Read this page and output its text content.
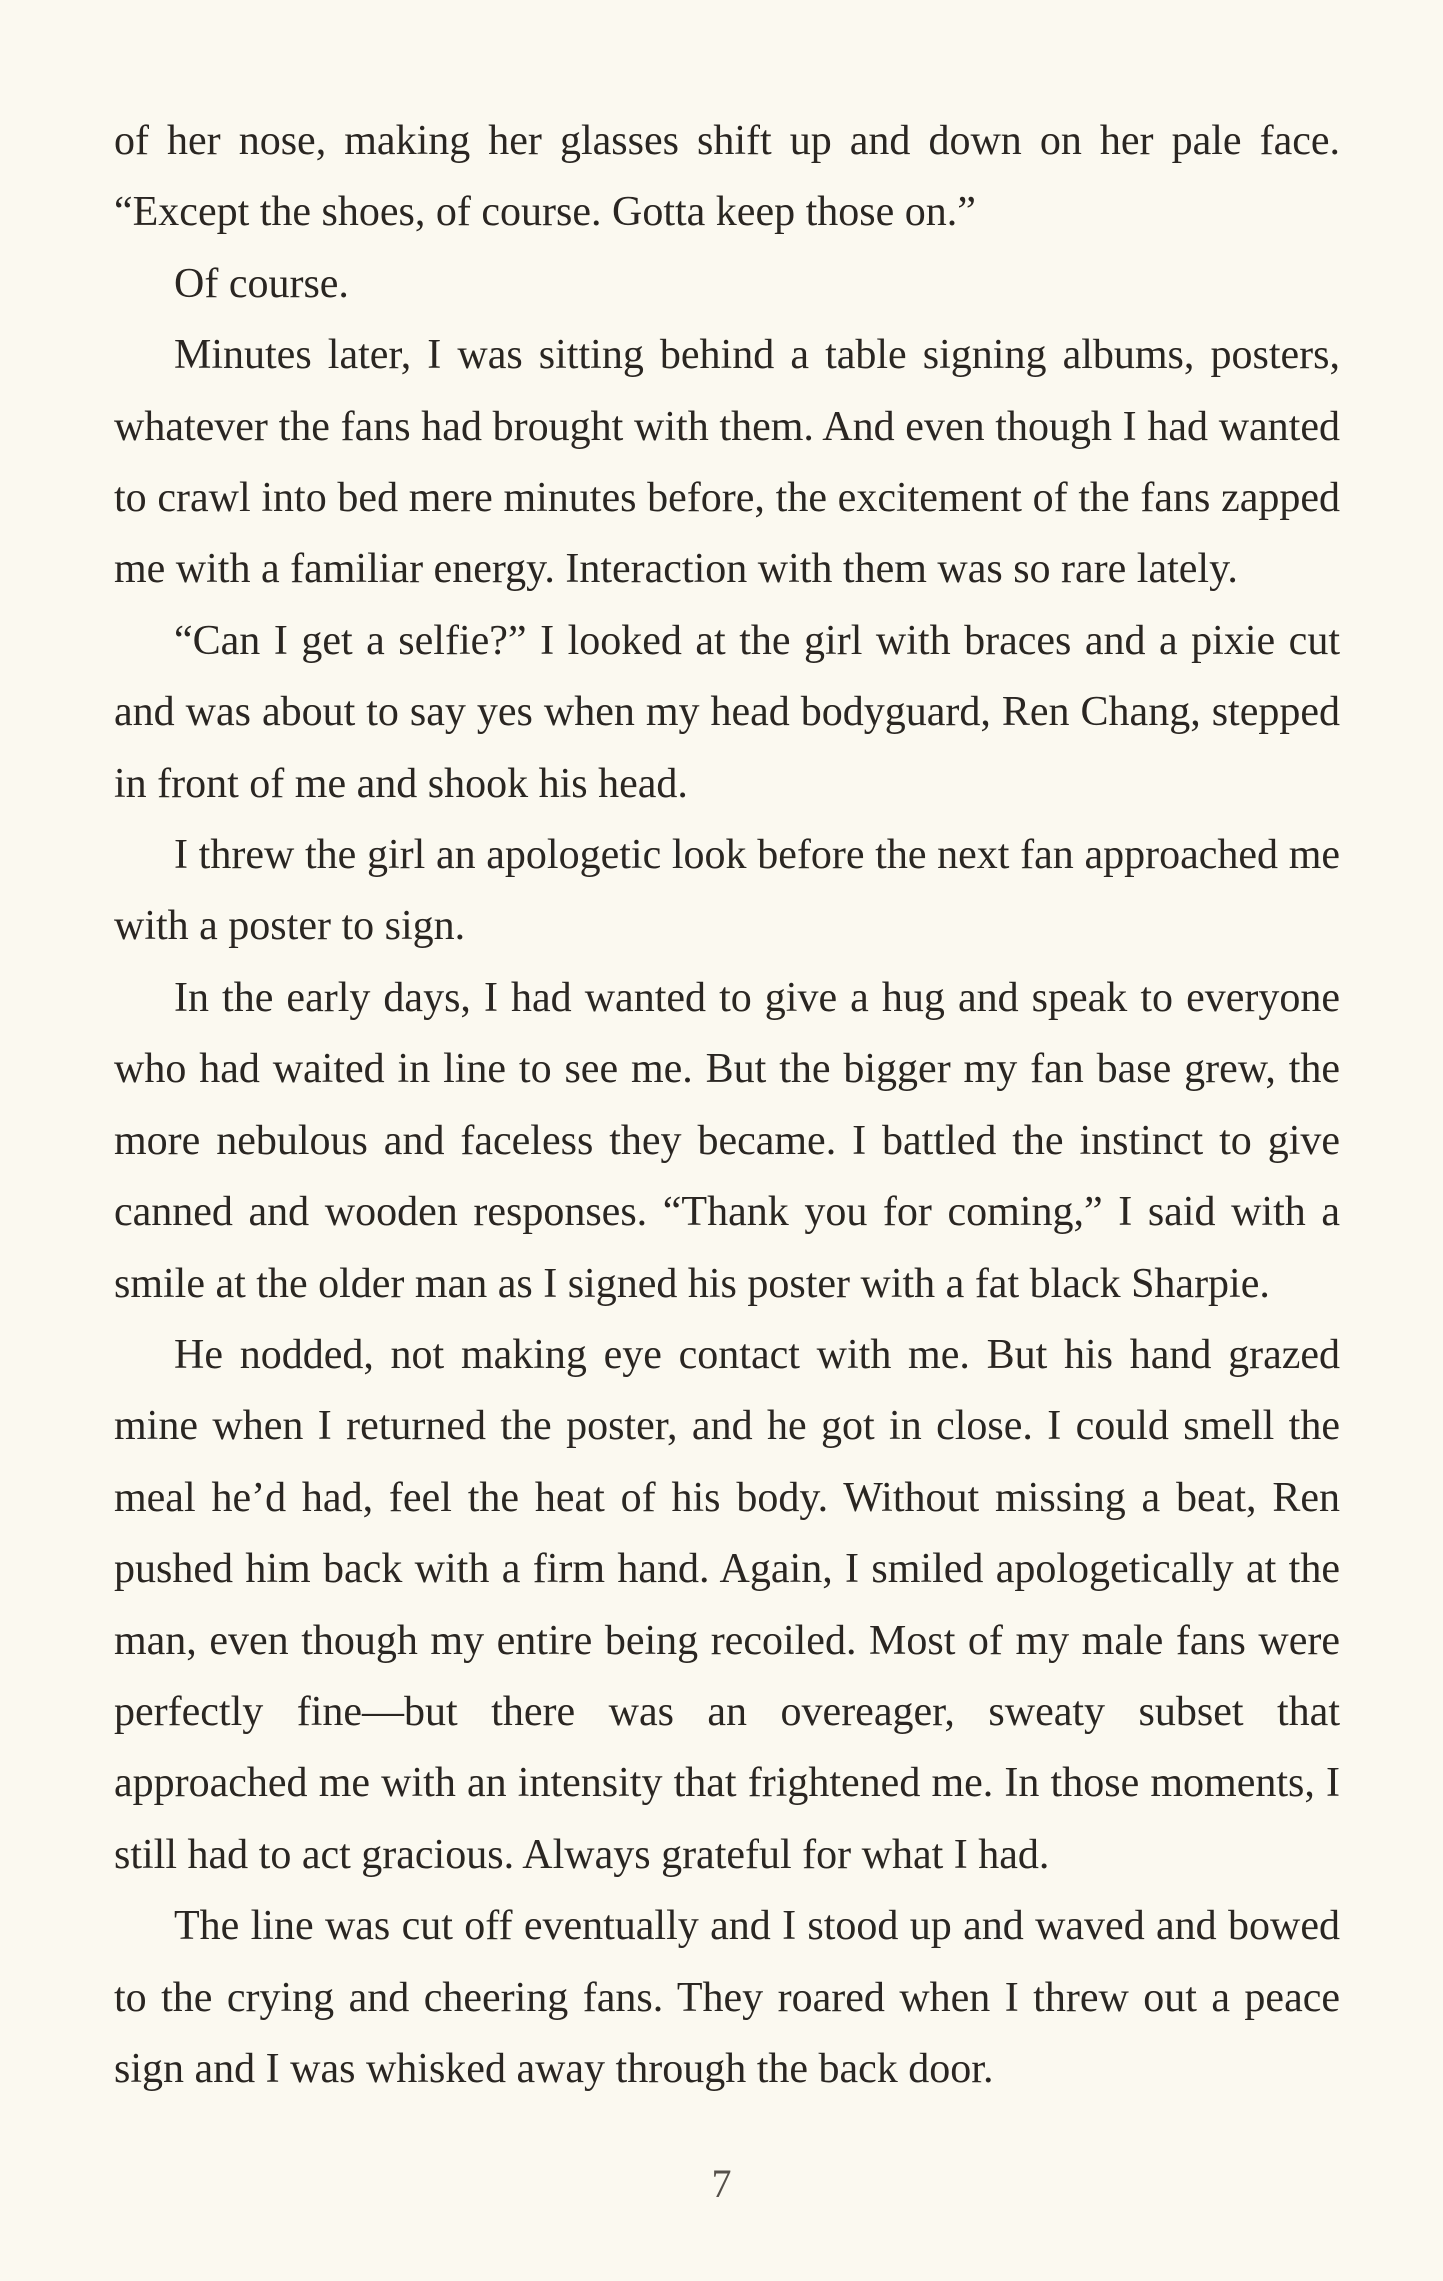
of her nose, making her glasses shift up and down on her pale face. “Except the shoes, of course. Gotta keep those on.”

Of course.

Minutes later, I was sitting behind a table signing albums, posters, whatever the fans had brought with them. And even though I had wanted to crawl into bed mere minutes before, the excitement of the fans zapped me with a familiar energy. Interaction with them was so rare lately.

“Can I get a selfie?” I looked at the girl with braces and a pixie cut and was about to say yes when my head bodyguard, Ren Chang, stepped in front of me and shook his head.

I threw the girl an apologetic look before the next fan approached me with a poster to sign.

In the early days, I had wanted to give a hug and speak to everyone who had waited in line to see me. But the bigger my fan base grew, the more nebulous and faceless they became. I battled the instinct to give canned and wooden responses. “Thank you for coming,” I said with a smile at the older man as I signed his poster with a fat black Sharpie.

He nodded, not making eye contact with me. But his hand grazed mine when I returned the poster, and he got in close. I could smell the meal he’d had, feel the heat of his body. Without missing a beat, Ren pushed him back with a firm hand. Again, I smiled apologetically at the man, even though my entire being recoiled. Most of my male fans were perfectly fine—but there was an overeager, sweaty subset that approached me with an intensity that frightened me. In those moments, I still had to act gracious. Always grateful for what I had.

The line was cut off eventually and I stood up and waved and bowed to the crying and cheering fans. They roared when I threw out a peace sign and I was whisked away through the back door.

7
